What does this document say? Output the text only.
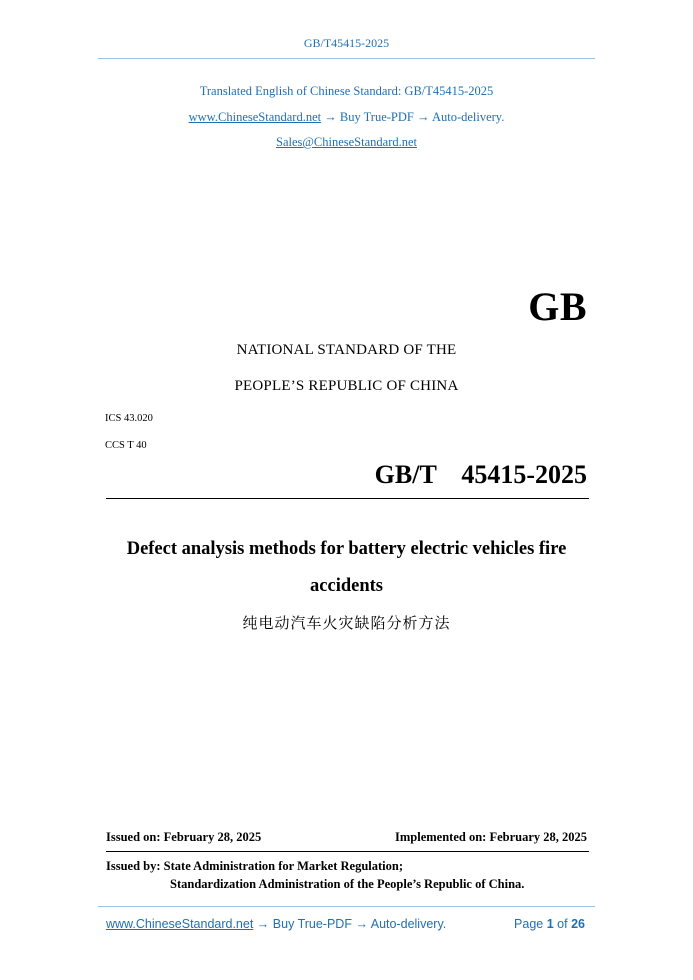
GB/T45415-2025
Translated English of Chinese Standard: GB/T45415-2025
www.ChineseStandard.net → Buy True-PDF → Auto-delivery.
Sales@ChineseStandard.net
GB
NATIONAL STANDARD OF THE
PEOPLE’S REPUBLIC OF CHINA
ICS 43.020
CCS T 40
GB/T  45415-2025
Defect analysis methods for battery electric vehicles fire
accidents
纯电动汽车火灾缺陷分析方法
Issued on: February 28, 2025	Implemented on: February 28, 2025
Issued by: State Administration for Market Regulation;
Standardization Administration of the People’s Republic of China.
www.ChineseStandard.net → Buy True-PDF → Auto-delivery.	Page 1 of 26
